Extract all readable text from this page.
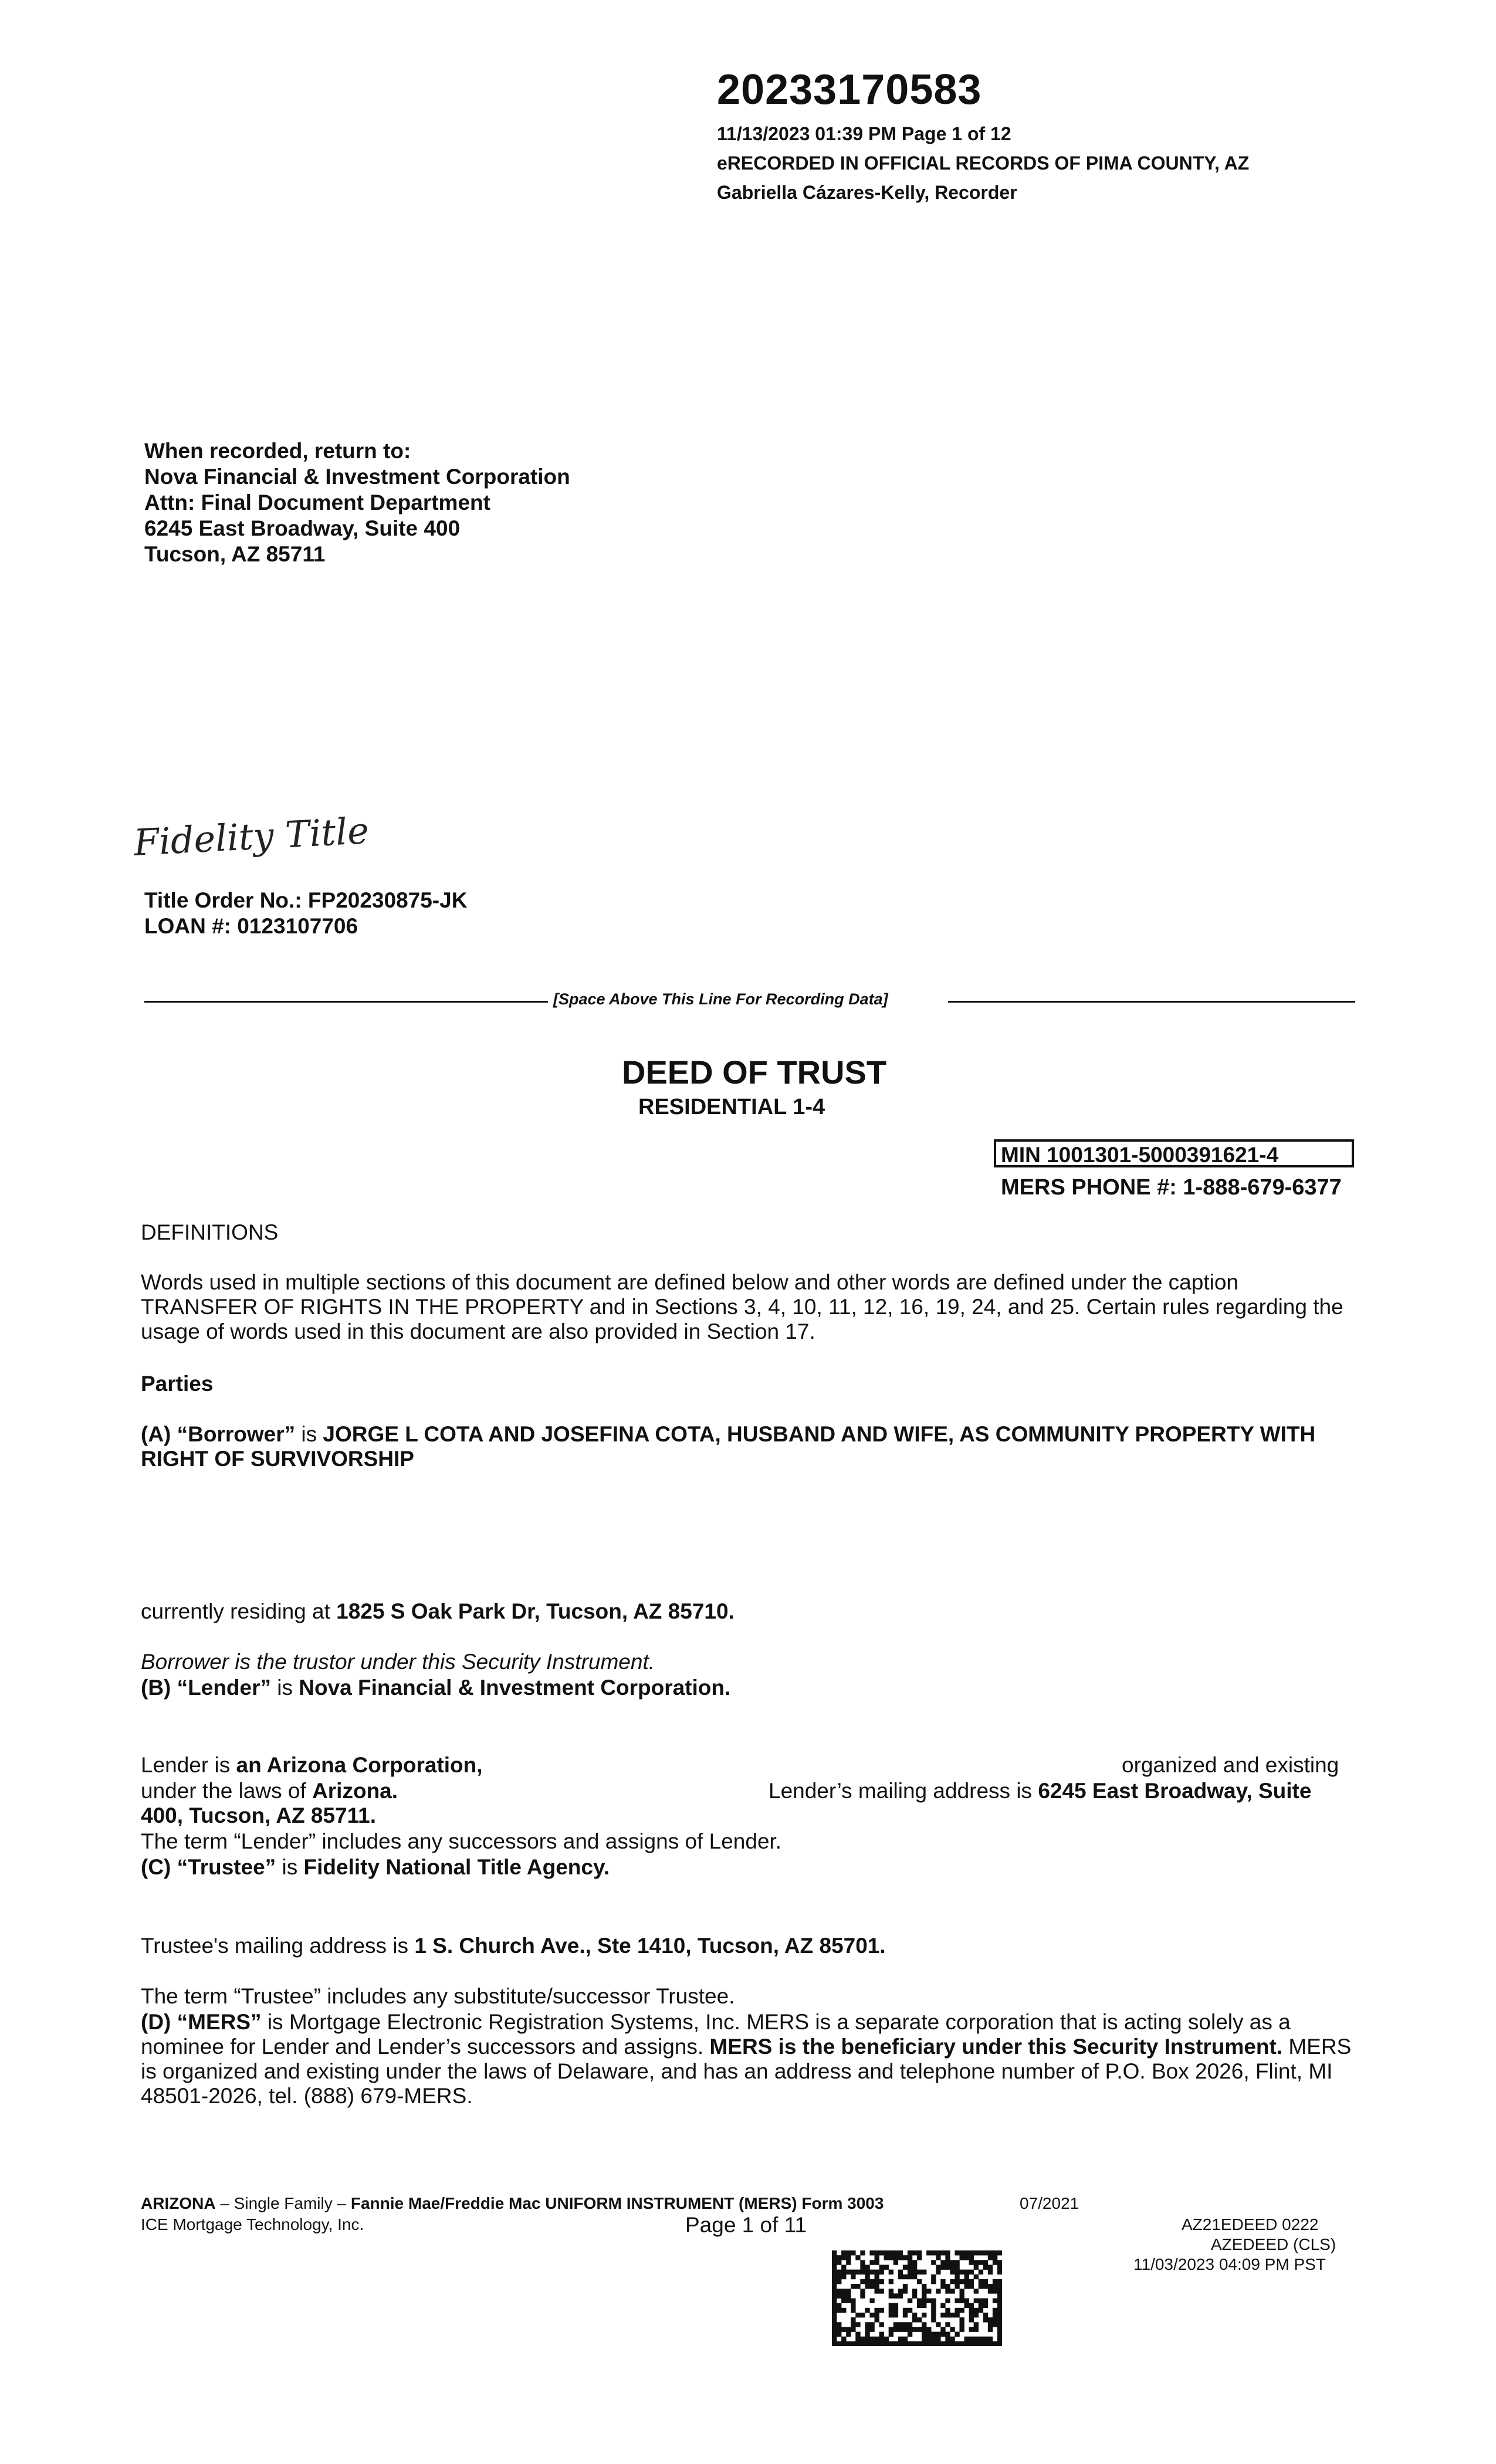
20233170583
11/13/2023 01:39 PM Page 1 of 12
eRECORDED IN OFFICIAL RECORDS OF PIMA COUNTY, AZ
Gabriella Cázares-Kelly, Recorder
When recorded, return to:
Nova Financial & Investment Corporation
Attn: Final Document Department
6245 East Broadway, Suite 400
Tucson, AZ 85711
Fidelity Title
Title Order No.: FP20230875-JK
LOAN #: 0123107706
[Space Above This Line For Recording Data]
DEED OF TRUST
RESIDENTIAL 1-4
MIN 1001301-5000391621-4
MERS PHONE #: 1-888-679-6377
DEFINITIONS
Words used in multiple sections of this document are defined below and other words are defined under the caption TRANSFER OF RIGHTS IN THE PROPERTY and in Sections 3, 4, 10, 11, 12, 16, 19, 24, and 25. Certain rules regarding the usage of words used in this document are also provided in Section 17.
Parties
(A) “Borrower” is JORGE L COTA AND JOSEFINA COTA, HUSBAND AND WIFE, AS COMMUNITY PROPERTY WITH RIGHT OF SURVIVORSHIP
currently residing at 1825 S Oak Park Dr, Tucson, AZ 85710.
Borrower is the trustor under this Security Instrument.
(B) “Lender” is Nova Financial & Investment Corporation.
Lender is an Arizona Corporation,	organized and existing
under the laws of Arizona.	Lender’s mailing address is 6245 East Broadway, Suite
400, Tucson, AZ 85711.
The term “Lender” includes any successors and assigns of Lender.
(C) “Trustee” is Fidelity National Title Agency.
Trustee's mailing address is 1 S. Church Ave., Ste 1410, Tucson, AZ 85701.
The term “Trustee” includes any substitute/successor Trustee.
(D) “MERS” is Mortgage Electronic Registration Systems, Inc. MERS is a separate corporation that is acting solely as a nominee for Lender and Lender’s successors and assigns. MERS is the beneficiary under this Security Instrument. MERS is organized and existing under the laws of Delaware, and has an address and telephone number of P.O. Box 2026, Flint, MI 48501-2026, tel. (888) 679-MERS.
ARIZONA – Single Family – Fannie Mae/Freddie Mac UNIFORM INSTRUMENT (MERS) Form 3003	07/2021
ICE Mortgage Technology, Inc.	Page 1 of 11	AZ21EDEED 0222
AZEDEED (CLS)
11/03/2023 04:09 PM PST
